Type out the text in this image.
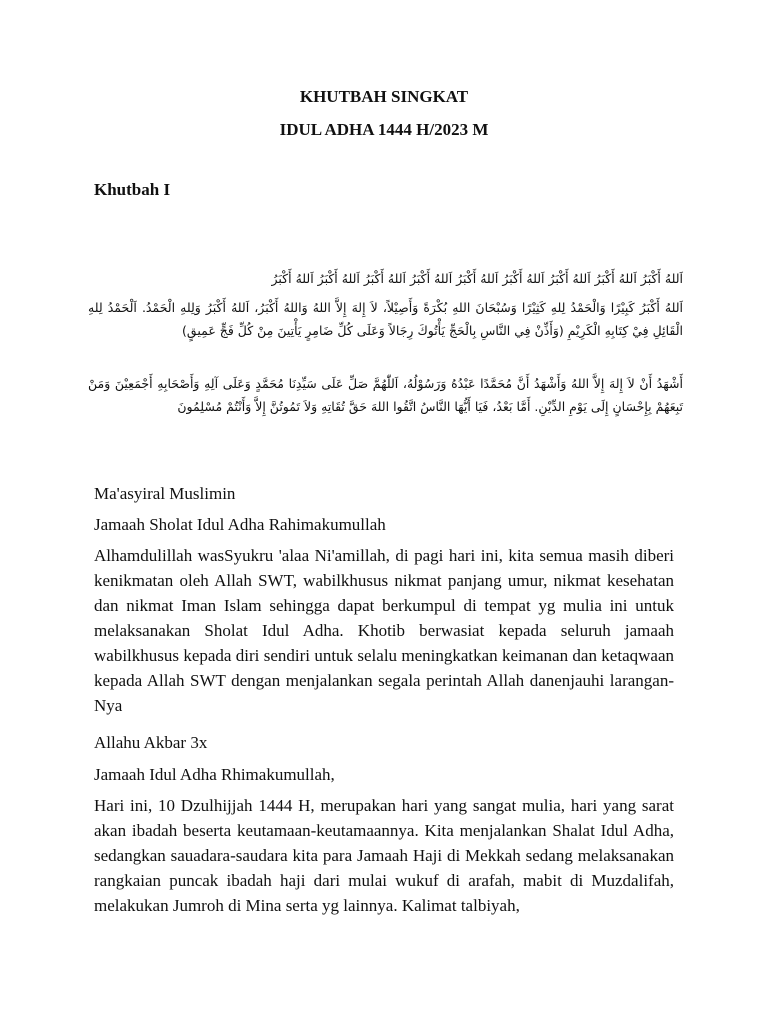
KHUTBAH SINGKAT
IDUL ADHA 1444 H/2023 M
Khutbah I
اَللهُ أَكْبَرُ اَللهُ أَكْبَرُ اَللهُ أَكْبَرُ اَللهُ أَكْبَرُ اَللهُ أَكْبَرُ اَللهُ أَكْبَرُ اَللهُ أَكْبَرُ اَللهُ أَكْبَرُ اَللهُ أَكْبَرُ
اَللهُ أَكْبَرُ كَبِيْرًا وَالْحَمْدُ لِلهِ كَثِيْرًا وَسُبْحَانَ اللهِ بُكْرَةً وَأَصِيْلاً، لاَ إِلهَ إِلاَّ اللهُ وَاللهُ أَكْبَرُ، اَللهُ أَكْبَرُ وَلِلهِ الْحَمْدُ. اَلْحَمْدُ لِلهِ الْقَائِلِ فِيْ كِتَابِهِ الْكَرِيْمِ (وَأَذِّنْ فِي النَّاسِ بِالْحَجِّ يَأْتُوكَ رِجَالاً وَعَلَى كُلِّ ضَامِرٍ يَأْتِينَ مِنْ كُلِّ فَجٍّ عَمِيقٍ)
أَشْهَدُ أَنْ لاَ إِلهَ إِلاَّ اللهُ وَأَشْهَدُ أَنَّ مُحَمَّدًا عَبْدُهُ وَرَسُوْلُهُ، اَللّٰهُمَّ صَلِّ عَلَى سَيِّدِنَا مُحَمَّدٍ وَعَلَى آلِهِ وَأَصْحَابِهِ أَجْمَعِيْنَ وَمَنْ تَبِعَهُمْ بِإِحْسَانٍ إِلَى يَوْمِ الدِّيْنِ. أَمَّا بَعْدُ، فَيَا أَيُّهَا النَّاسُ اتَّقُوا اللهَ حَقَّ تُقَاتِهِ وَلاَ تَمُوتُنَّ إِلاَّ وَأَنْتُمْ مُسْلِمُونَ

Ma'asyiral Muslimin

Jamaah Sholat Idul Adha Rahimakumullah

Alhamdulillah wasSyukru 'alaa Ni'amillah, di pagi hari ini, kita semua masih diberi kenikmatan oleh Allah SWT, wabilkhusus nikmat panjang umur, nikmat kesehatan dan nikmat Iman Islam sehingga dapat berkumpul di tempat yg mulia ini untuk melaksanakan Sholat Idul Adha. Khotib berwasiat kepada seluruh jamaah wabilkhusus kepada diri sendiri untuk selalu meningkatkan keimanan dan ketaqwaan kepada Allah SWT dengan menjalankan segala perintah Allah danenjauhi larangan-Nya

Allahu Akbar 3x

Jamaah Idul Adha Rhimakumullah,

Hari ini, 10 Dzulhijjah 1444 H, merupakan hari yang sangat mulia, hari yang sarat akan ibadah beserta keutamaan-keutamaannya. Kita menjalankan Shalat Idul Adha, sedangkan sauadara-saudara kita para Jamaah Haji di Mekkah sedang melaksanakan rangkaian puncak ibadah haji dari mulai wukuf di arafah, mabit di Muzdalifah, melakukan Jumroh di Mina serta yg lainnya. Kalimat talbiyah,
